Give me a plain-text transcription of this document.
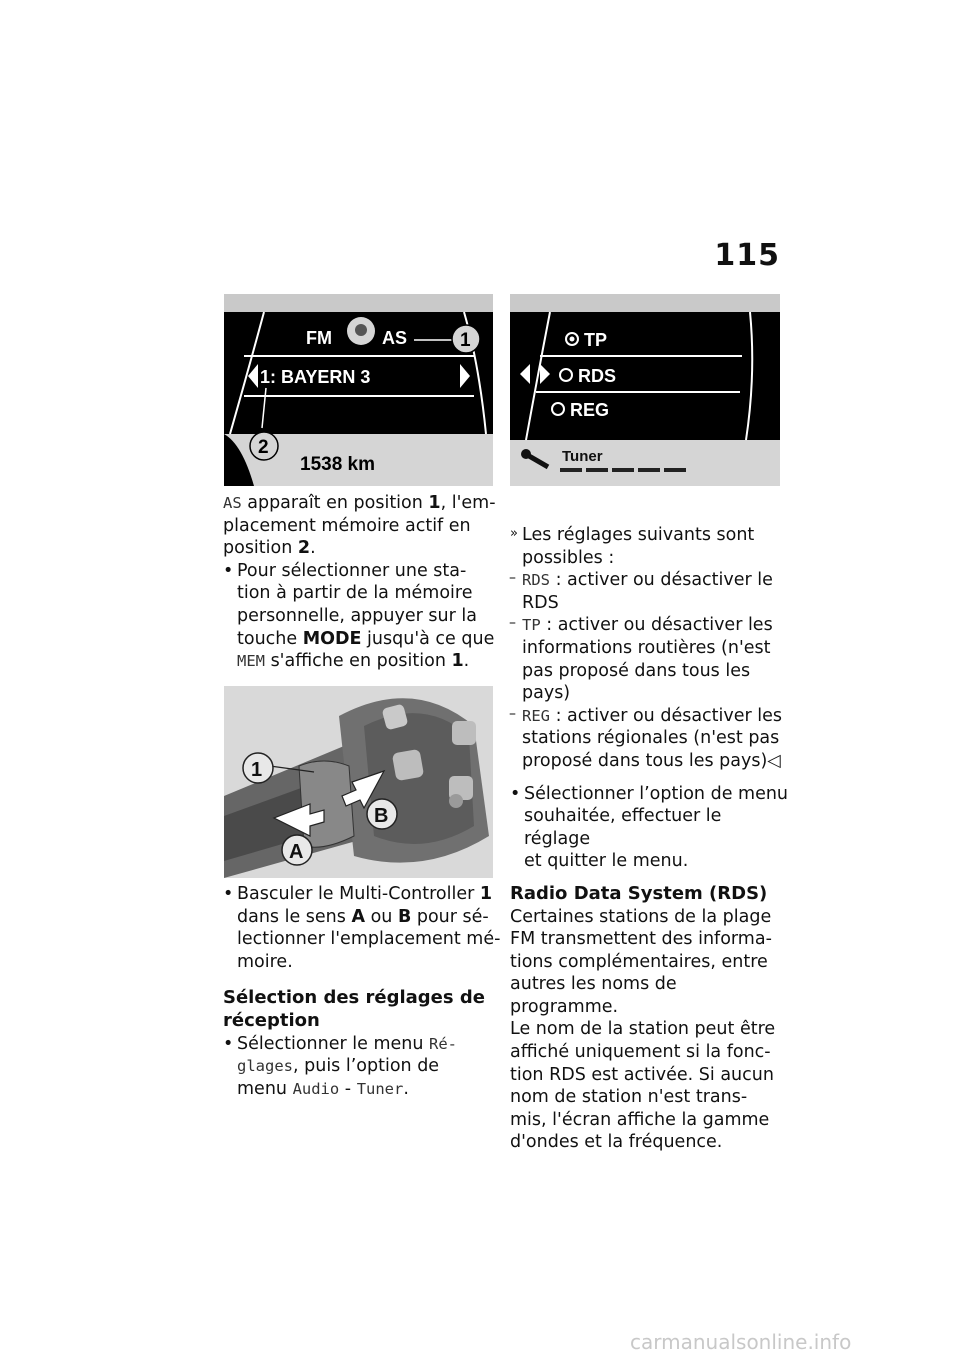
115
FM	AS
1: BAYERN 3
1
2
1538 km
TP
RDS
REG
Tuner
1
B
A

AS apparaît en position 1, l'em-
placement mémoire actif en
position 2.

• Pour sélectionner une sta-
tion à partir de la mémoire
personnelle, appuyer sur la
touche MODE jusqu'à ce que
MEM s'affiche en position 1.

• Basculer le Multi-Controller 1
dans le sens A ou B pour sé-
lectionner l'emplacement mé-
moire.

Sélection des réglages de
réception

• Sélectionner le menu Ré-
glages, puis l’option de
menu Audio - Tuner.

» Les réglages suivants sont
possibles :

– RDS : activer ou désactiver le
RDS

– TP : activer ou désactiver les
informations routières (n'est
pas proposé dans tous les
pays)

– REG : activer ou désactiver les
stations régionales (n'est pas
proposé dans tous les pays)◁

• Sélectionner l’option de menu
souhaitée, effectuer le réglage
et quitter le menu.

Radio Data System (RDS)

Certaines stations de la plage
FM transmettent des informa-
tions complémentaires, entre
autres les noms de programme.
Le nom de la station peut être
affiché uniquement si la fonc-
tion RDS est activée. Si aucun
nom de station n'est trans-
mis, l'écran affiche la gamme
d'ondes et la fréquence.

carmanualsonline.info
